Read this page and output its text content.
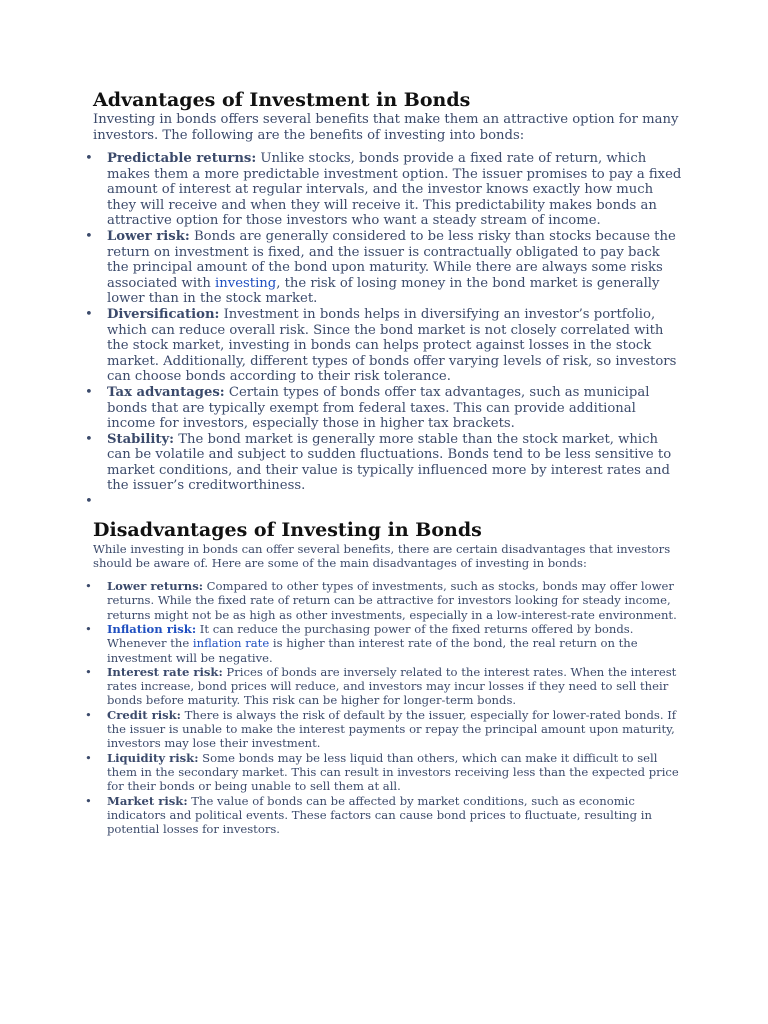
Advantages of Investment in Bonds

Investing in bonds offers several benefits that make them an attractive option for many investors. The following are the benefits of investing into bonds:

• Predictable returns: Unlike stocks, bonds provide a fixed rate of return, which makes them a more predictable investment option. The issuer promises to pay a fixed amount of interest at regular intervals, and the investor knows exactly how much they will receive and when they will receive it. This predictability makes bonds an attractive option for those investors who want a steady stream of income.
• Lower risk: Bonds are generally considered to be less risky than stocks because the return on investment is fixed, and the issuer is contractually obligated to pay back the principal amount of the bond upon maturity. While there are always some risks associated with investing, the risk of losing money in the bond market is generally lower than in the stock market.
• Diversification: Investment in bonds helps in diversifying an investor’s portfolio, which can reduce overall risk. Since the bond market is not closely correlated with the stock market, investing in bonds can helps protect against losses in the stock market. Additionally, different types of bonds offer varying levels of risk, so investors can choose bonds according to their risk tolerance.
• Tax advantages: Certain types of bonds offer tax advantages, such as municipal bonds that are typically exempt from federal taxes. This can provide additional income for investors, especially those in higher tax brackets.
• Stability: The bond market is generally more stable than the stock market, which can be volatile and subject to sudden fluctuations. Bonds tend to be less sensitive to market conditions, and their value is typically influenced more by interest rates and the issuer’s creditworthiness.
•
Disadvantages of Investing in Bonds

While investing in bonds can offer several benefits, there are certain disadvantages that investors should be aware of. Here are some of the main disadvantages of investing in bonds:

• Lower returns: Compared to other types of investments, such as stocks, bonds may offer lower returns. While the fixed rate of return can be attractive for investors looking for steady income, returns might not be as high as other investments, especially in a low-interest-rate environment.
• Inflation risk: It can reduce the purchasing power of the fixed returns offered by bonds. Whenever the inflation rate is higher than interest rate of the bond, the real return on the investment will be negative.
• Interest rate risk: Prices of bonds are inversely related to the interest rates. When the interest rates increase, bond prices will reduce, and investors may incur losses if they need to sell their bonds before maturity. This risk can be higher for longer-term bonds.
• Credit risk: There is always the risk of default by the issuer, especially for lower-rated bonds. If the issuer is unable to make the interest payments or repay the principal amount upon maturity, investors may lose their investment.
• Liquidity risk: Some bonds may be less liquid than others, which can make it difficult to sell them in the secondary market. This can result in investors receiving less than the expected price for their bonds or being unable to sell them at all.
• Market risk: The value of bonds can be affected by market conditions, such as economic indicators and political events. These factors can cause bond prices to fluctuate, resulting in potential losses for investors.
